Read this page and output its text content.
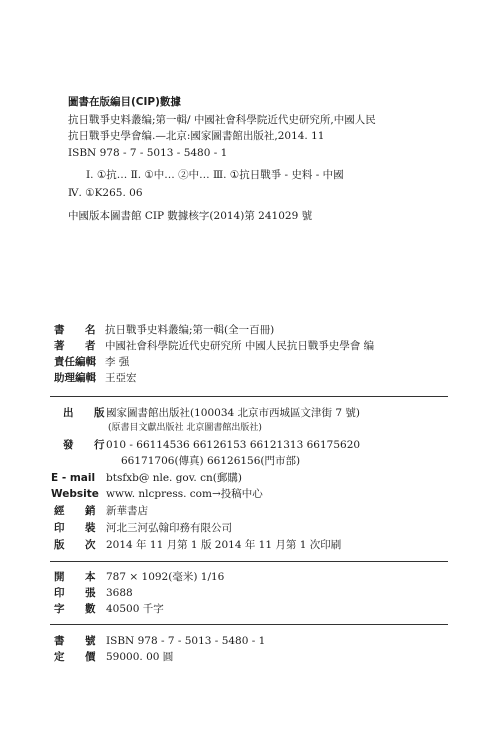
圖書在版編目(CIP)數據
抗日戰爭史料叢编;第一輯/ 中國社會科學院近代史研究所,中國人民
抗日戰爭史學會编.—北京:國家圖書館出版社,2014. 11
ISBN 978 - 7 - 5013 - 5480 - 1
Ⅰ. ①抗… Ⅱ. ①中… ②中… Ⅲ. ①抗日戰爭 - 史料 - 中國
Ⅳ. ①K265. 06
中國版本圖書館 CIP 數據核字(2014)第 241029 號
書 名 抗日戰爭史料叢编;第一輯(全一百冊)
著 者 中國社會科學院近代史研究所 中國人民抗日戰爭史學會 编
責任編輯 李 强
助理編輯 王亞宏
出 版 國家圖書館出版社(100034 北京市西城區文津街 7 號)
(原書目文獻出版社 北京圖書館出版社)
發 行 010 - 66114536 66126153 66121313 66175620
66171706(傳真) 66126156(門市部)
E - mail btsfxb@ nle. gov. cn(郵購)
Website www. nlcpress. com→投稿中心
經 銷 新華書店
印 裝 河北三河弘翰印務有限公司
版 次 2014 年 11 月第 1 版 2014 年 11 月第 1 次印刷
開 本 787 × 1092(毫米) 1/16
印 張 3688
字 數 40500 千字
書 號 ISBN 978 - 7 - 5013 - 5480 - 1
定 價 59000. 00 圓
